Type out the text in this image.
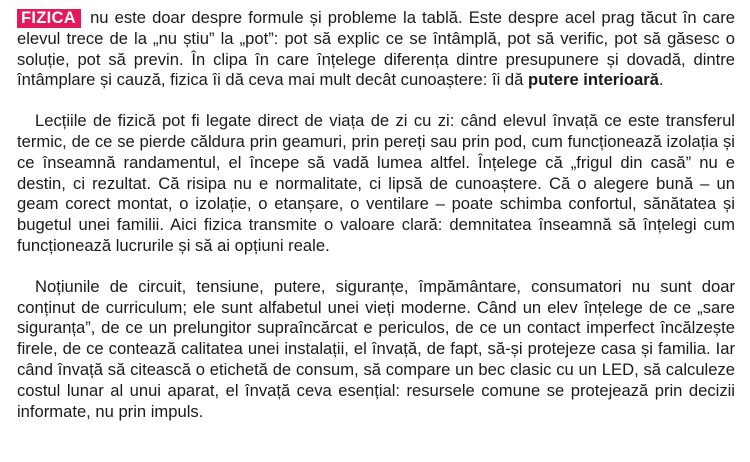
FIZICA nu este doar despre formule și probleme la tablă. Este despre acel prag tăcut în care elevul trece de la „nu știu” la „pot”: pot să explic ce se întâmplă, pot să verific, pot să găsesc o soluție, pot să previn. În clipa în care înțelege diferența dintre presupunere și dovadă, dintre întâmplare și cauză, fizica îi dă ceva mai mult decât cunoaștere: îi dă putere interioară.

Lecțiile de fizică pot fi legate direct de viața de zi cu zi: când elevul învață ce este transferul termic, de ce se pierde căldura prin geamuri, prin pereți sau prin pod, cum funcționează izolația și ce înseamnă randamentul, el începe să vadă lumea altfel. Înțelege că „frigul din casă” nu e destin, ci rezultat. Că risipa nu e normalitate, ci lipsă de cunoaștere. Că o alegere bună – un geam corect montat, o izolație, o etanșare, o ventilare – poate schimba confortul, sănătatea și bugetul unei familii. Aici fizica transmite o valoare clară: demnitatea înseamnă să înțelegi cum funcționează lucrurile și să ai opțiuni reale.

Noțiunile de circuit, tensiune, putere, siguranțe, împământare, consumatori nu sunt doar conținut de curriculum; ele sunt alfabetul unei vieți moderne. Când un elev înțelege de ce „sare siguranța”, de ce un prelungitor supraîncărcat e periculos, de ce un contact imperfect încălzește firele, de ce contează calitatea unei instalații, el învață, de fapt, să-și protejeze casa și familia. Iar când învață să citească o etichetă de consum, să compare un bec clasic cu un LED, să calculeze costul lunar al unui aparat, el învață ceva esențial: resursele comune se protejează prin decizii informate, nu prin impuls.
